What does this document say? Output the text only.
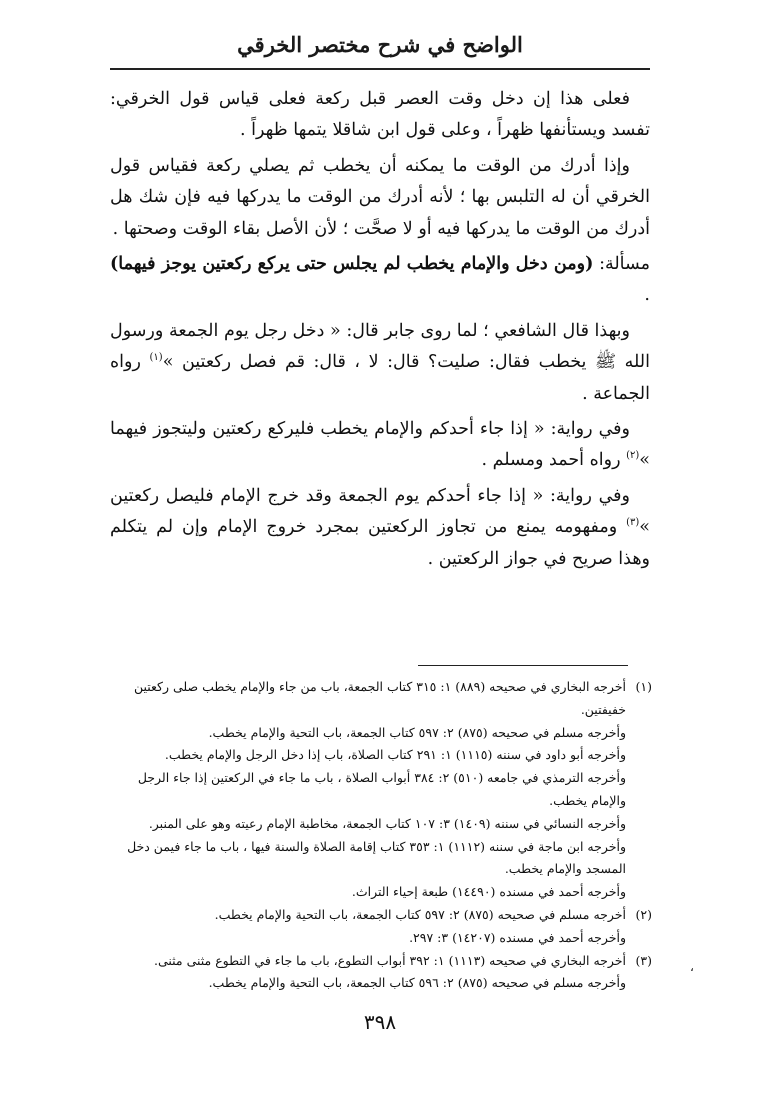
الواضح في شرح مختصر الخرقي

فعلى هذا إن دخل وقت العصر قبل ركعة فعلى قياس قول الخرقي: تفسد ويستأنفها ظهراً ، وعلى قول ابن شاقلا يتمها ظهراً .

وإذا أدرك من الوقت ما يمكنه أن يخطب ثم يصلي ركعة فقياس قول الخرقي أن له التلبس بها ؛ لأنه أدرك من الوقت ما يدركها فيه فإن شك هل أدرك من الوقت ما يدركها فيه أو لا صحَّت ؛ لأن الأصل بقاء الوقت وصحتها .

مسألة: (ومن دخل والإمام يخطب لم يجلس حتى يركع ركعتين يوجز فيهما) .

وبهذا قال الشافعي ؛ لما روى جابر قال: « دخل رجل يوم الجمعة ورسول الله ﷺ يخطب فقال: صليت؟ قال: لا ، قال: قم فصل ركعتين »$^{(١)}$ رواه الجماعة .

وفي رواية: « إذا جاء أحدكم والإمام يخطب فليركع ركعتين وليتجوز فيهما »$^{(٢)}$ رواه أحمد ومسلم .

وفي رواية: « إذا جاء أحدكم يوم الجمعة وقد خرج الإمام فليصل ركعتين »$^{(٣)}$ ومفهومه يمنع من تجاوز الركعتين بمجرد خروج الإمام وإن لم يتكلم وهذا صريح في جواز الركعتين .

(١)
أخرجه البخاري في صحيحه (٨٨٩) ١: ٣١٥ كتاب الجمعة، باب من جاء والإمام يخطب صلى ركعتين خفيفتين.
وأخرجه مسلم في صحيحه (٨٧٥) ٢: ٥٩٧ كتاب الجمعة، باب التحية والإمام يخطب.
وأخرجه أبو داود في سننه (١١١٥) ١: ٢٩١ كتاب الصلاة، باب إذا دخل الرجل والإمام يخطب.
وأخرجه الترمذي في جامعه (٥١٠) ٢: ٣٨٤ أبواب الصلاة ، باب ما جاء في الركعتين إذا جاء الرجل والإمام يخطب.
وأخرجه النسائي في سننه (١٤٠٩) ٣: ١٠٧ كتاب الجمعة، مخاطبة الإمام رعيته وهو على المنبر.
وأخرجه ابن ماجة في سننه (١١١٢) ١: ٣٥٣ كتاب إقامة الصلاة والسنة فيها ، باب ما جاء فيمن دخل المسجد والإمام يخطب.
وأخرجه أحمد في مسنده (١٤٤٩٠) طبعة إحياء التراث.
(٢)
أخرجه مسلم في صحيحه (٨٧٥) ٢: ٥٩٧ كتاب الجمعة، باب التحية والإمام يخطب.
وأخرجه أحمد في مسنده (١٤٢٠٧) ٣: ٢٩٧.
(٣)
أخرجه البخاري في صحيحه (١١١٣) ١: ٣٩٢ أبواب التطوع، باب ما جاء في التطوع مثنى مثنى.
وأخرجه مسلم في صحيحه (٨٧٥) ٢: ٥٩٦ كتاب الجمعة، باب التحية والإمام يخطب.
،
٣٩٨
